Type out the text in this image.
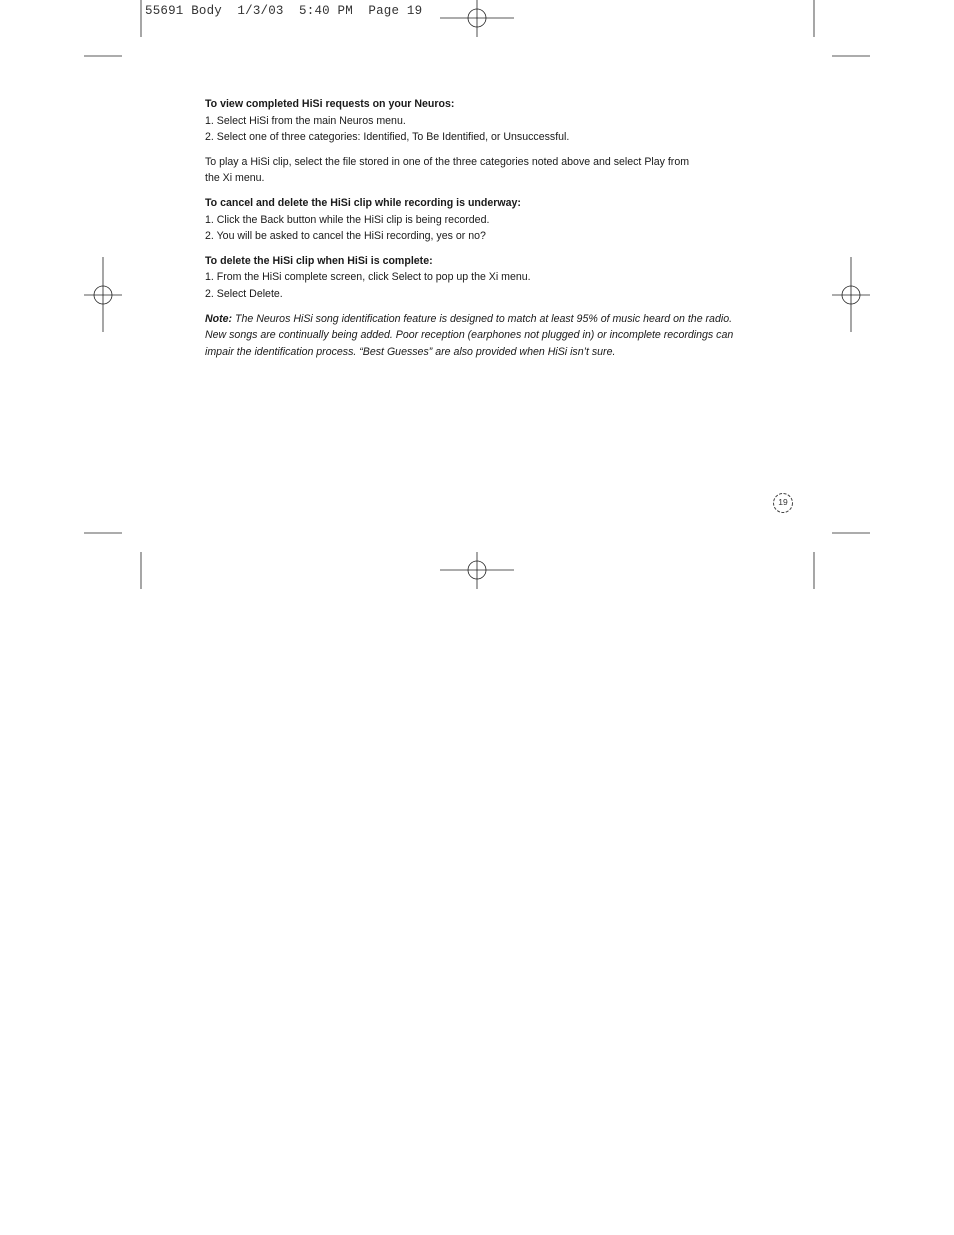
55691 Body 1/3/03 5:40 PM Page 19

To view completed HiSi requests on your Neuros:

1. Select HiSi from the main Neuros menu.

2. Select one of three categories: Identified, To Be Identified, or Unsuccessful.

To play a HiSi clip, select the file stored in one of the three categories noted above and select Play from

the Xi menu.

To cancel and delete the HiSi clip while recording is underway:

1. Click the Back button while the HiSi clip is being recorded.

2. You will be asked to cancel the HiSi recording, yes or no?

To delete the HiSi clip when HiSi is complete:

1. From the HiSi complete screen, click Select to pop up the Xi menu.

2. Select Delete.

Note: The Neuros HiSi song identification feature is designed to match at least 95% of music heard on the radio.

New songs are continually being added. Poor reception (earphones not plugged in) or incomplete recordings can

impair the identification process. “Best Guesses” are also provided when HiSi isn’t sure.

19
